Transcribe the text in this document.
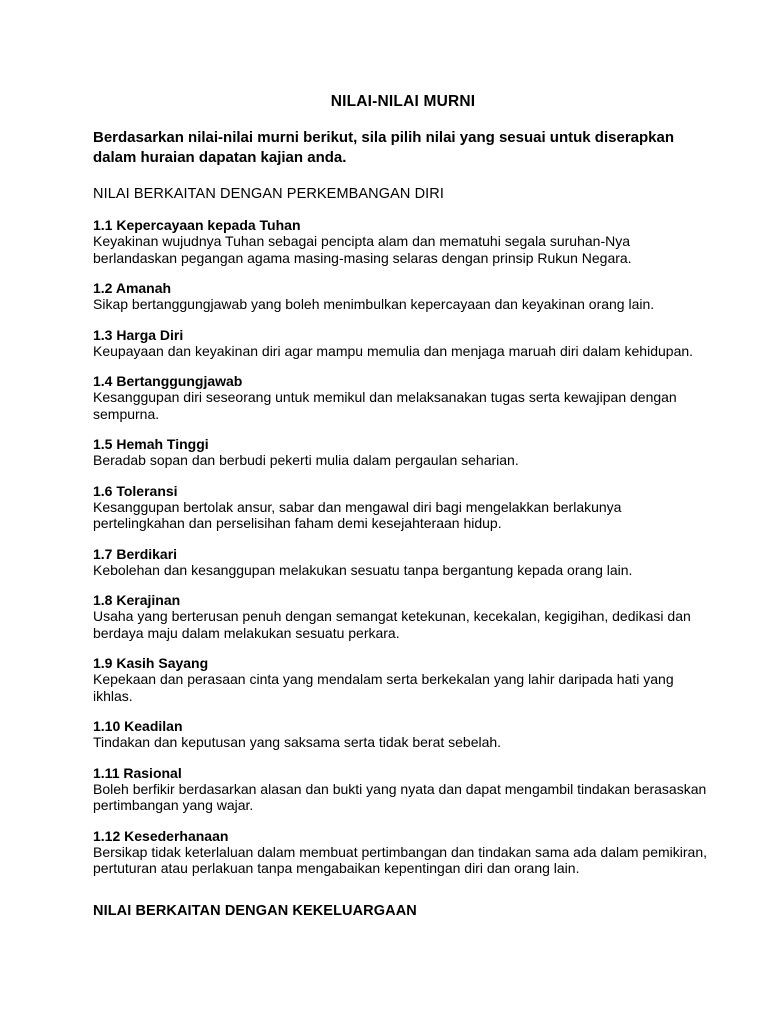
NILAI-NILAI MURNI
Berdasarkan nilai-nilai murni berikut, sila pilih nilai yang sesuai untuk diserapkan dalam huraian dapatan kajian anda.
NILAI BERKAITAN DENGAN PERKEMBANGAN DIRI
1.1 Kepercayaan kepada Tuhan
Keyakinan wujudnya Tuhan sebagai pencipta alam dan mematuhi segala suruhan-Nya berlandaskan pegangan agama masing-masing selaras dengan prinsip Rukun Negara.
1.2 Amanah
Sikap bertanggungjawab yang boleh menimbulkan kepercayaan dan keyakinan orang lain.
1.3 Harga Diri
Keupayaan dan keyakinan diri agar mampu memulia dan menjaga maruah diri dalam kehidupan.
1.4 Bertanggungjawab
Kesanggupan diri seseorang untuk memikul dan melaksanakan tugas serta kewajipan dengan sempurna.
1.5 Hemah Tinggi
Beradab sopan dan berbudi pekerti mulia dalam pergaulan seharian.
1.6 Toleransi
Kesanggupan bertolak ansur, sabar dan mengawal diri bagi mengelakkan berlakunya pertelingkahan dan perselisihan faham demi kesejahteraan hidup.
1.7 Berdikari
Kebolehan dan kesanggupan melakukan sesuatu tanpa bergantung kepada orang lain.
1.8 Kerajinan
Usaha yang berterusan penuh dengan semangat ketekunan, kecekalan, kegigihan, dedikasi dan berdaya maju dalam melakukan sesuatu perkara.
1.9 Kasih Sayang
Kepekaan dan perasaan cinta yang mendalam serta berkekalan yang lahir daripada hati yang ikhlas.
1.10 Keadilan
Tindakan dan keputusan yang saksama serta tidak berat sebelah.
1.11 Rasional
Boleh berfikir berdasarkan alasan dan bukti yang nyata dan dapat mengambil tindakan berasaskan pertimbangan yang wajar.
1.12 Kesederhanaan
Bersikap tidak keterlaluan dalam membuat pertimbangan dan tindakan sama ada dalam pemikiran, pertuturan atau perlakuan tanpa mengabaikan kepentingan diri dan orang lain.
NILAI BERKAITAN DENGAN KEKELUARGAAN
